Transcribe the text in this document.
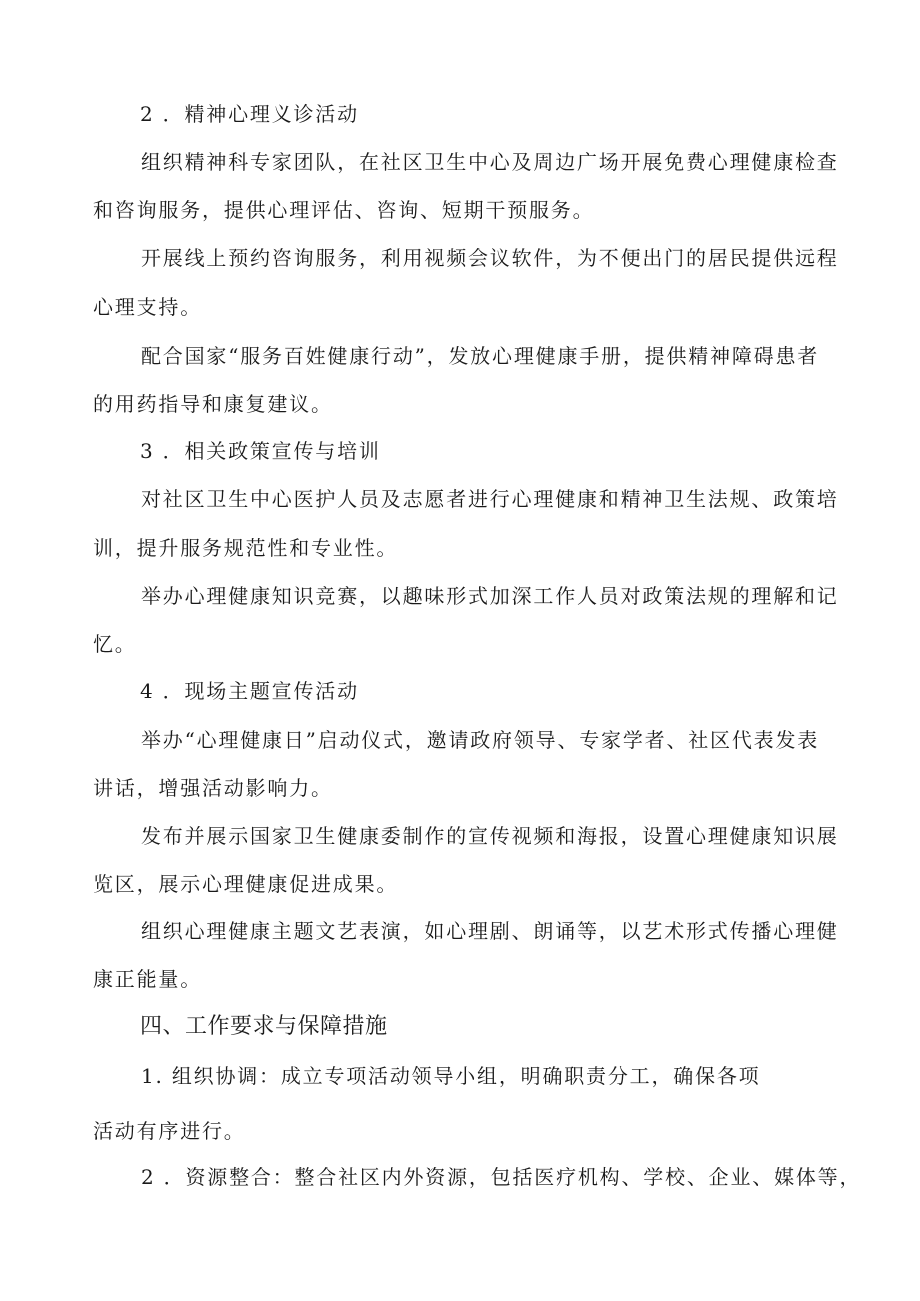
2 ．精神心理义诊活动
组织精神科专家团队，在社区卫生中心及周边广场开展免费心理健康检查
和咨询服务，提供心理评估、咨询、短期干预服务。
开展线上预约咨询服务，利用视频会议软件，为不便出门的居民提供远程
心理支持。
配合国家“服务百姓健康行动”，发放心理健康手册，提供精神障碍患者
的用药指导和康复建议。
3 ．相关政策宣传与培训
对社区卫生中心医护人员及志愿者进行心理健康和精神卫生法规、政策培
训，提升服务规范性和专业性。
举办心理健康知识竞赛，以趣味形式加深工作人员对政策法规的理解和记
忆。
4 ．现场主题宣传活动
举办“心理健康日”启动仪式，邀请政府领导、专家学者、社区代表发表
讲话，增强活动影响力。
发布并展示国家卫生健康委制作的宣传视频和海报，设置心理健康知识展
览区，展示心理健康促进成果。
组织心理健康主题文艺表演，如心理剧、朗诵等，以艺术形式传播心理健
康正能量。
四、工作要求与保障措施
1. 组织协调：成立专项活动领导小组，明确职责分工，确保各项
活动有序进行。
2 ．资源整合：整合社区内外资源，包括医疗机构、学校、企业、媒体等，
